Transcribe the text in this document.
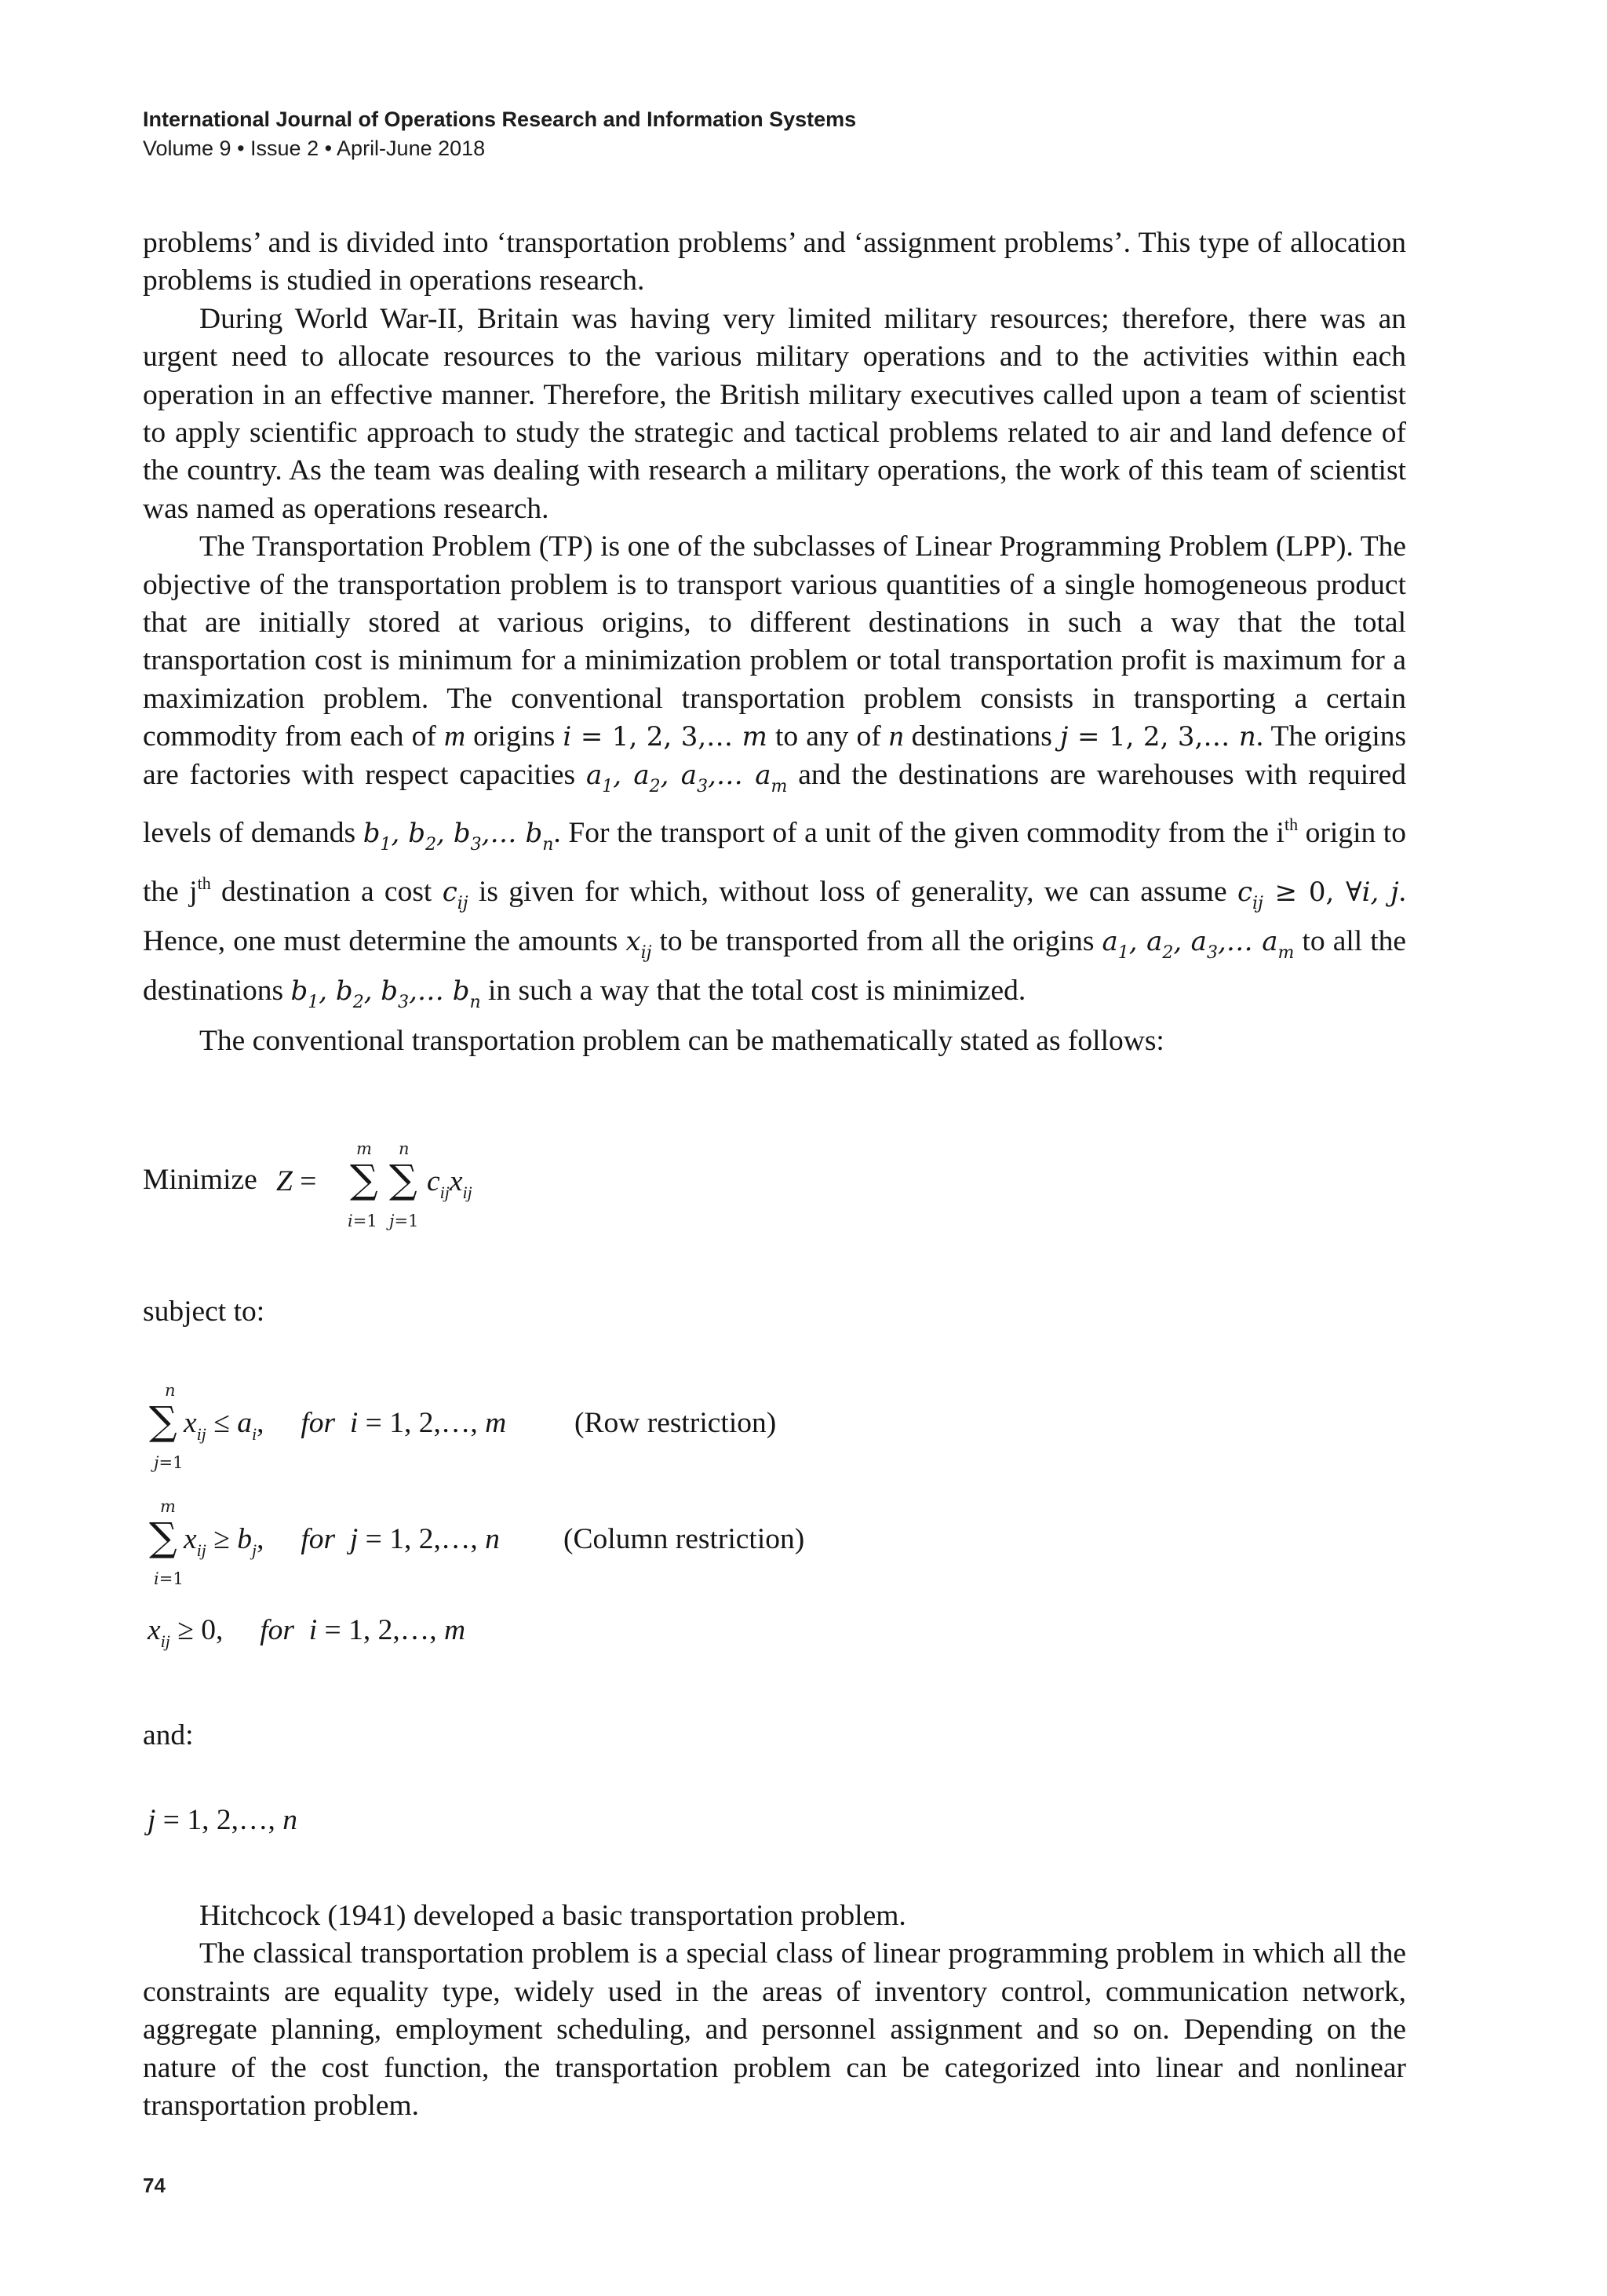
International Journal of Operations Research and Information Systems
Volume 9 • Issue 2 • April-June 2018

problems’ and is divided into ‘transportation problems’ and ‘assignment problems’. This type of allocation problems is studied in operations research.

During World War-II, Britain was having very limited military resources; therefore, there was an urgent need to allocate resources to the various military operations and to the activities within each operation in an effective manner. Therefore, the British military executives called upon a team of scientist to apply scientific approach to study the strategic and tactical problems related to air and land defence of the country. As the team was dealing with research a military operations, the work of this team of scientist was named as operations research.

The Transportation Problem (TP) is one of the subclasses of Linear Programming Problem (LPP). The objective of the transportation problem is to transport various quantities of a single homogeneous product that are initially stored at various origins, to different destinations in such a way that the total transportation cost is minimum for a minimization problem or total transportation profit is maximum for a maximization problem. The conventional transportation problem consists in transporting a certain commodity from each of m origins i = 1, 2, 3,… m to any of n destinations j = 1, 2, 3,… n. The origins are factories with respect capacities $a_1$, $a_2$, $a_3,\dots$ $a_m$ and the destinations are warehouses with required levels of demands $b_1$, $b_2$, $b_3,\dots$ $b_n$. For the transport of a unit of the given commodity from the $i^{th}$ origin to the $j^{th}$ destination a cost $c_{ij}$ is given for which, without loss of generality, we can assume $c_{ij} \ge 0$, ∀i, j. Hence, one must determine the amounts $x_{ij}$ to be transported from all the origins $a_1$, $a_2$, $a_3,\dots$ $a_m$ to all the destinations $b_1$, $b_2$, $b_3,\dots$ $b_n$ in such a way that the total cost is minimized.

The conventional transportation problem can be mathematically stated as follows:

Minimize Z =
m n
∑ ∑
i=1 j=1
$c_{ij}x_{ij}$
subject to:
n
∑
j=1
$x_{ij} \le a_i$,     for  i = 1, 2,…, m (Row restriction)
m
∑
i=1
$x_{ij} \ge b_j$,     for  j = 1, 2,…, n (Column restriction)
$x_{ij} \ge 0$,     for  i = 1, 2,…, m
and:
j = 1, 2,…, n

Hitchcock (1941) developed a basic transportation problem.

The classical transportation problem is a special class of linear programming problem in which all the constraints are equality type, widely used in the areas of inventory control, communication network, aggregate planning, employment scheduling, and personnel assignment and so on. Depending on the nature of the cost function, the transportation problem can be categorized into linear and nonlinear transportation problem.

74
